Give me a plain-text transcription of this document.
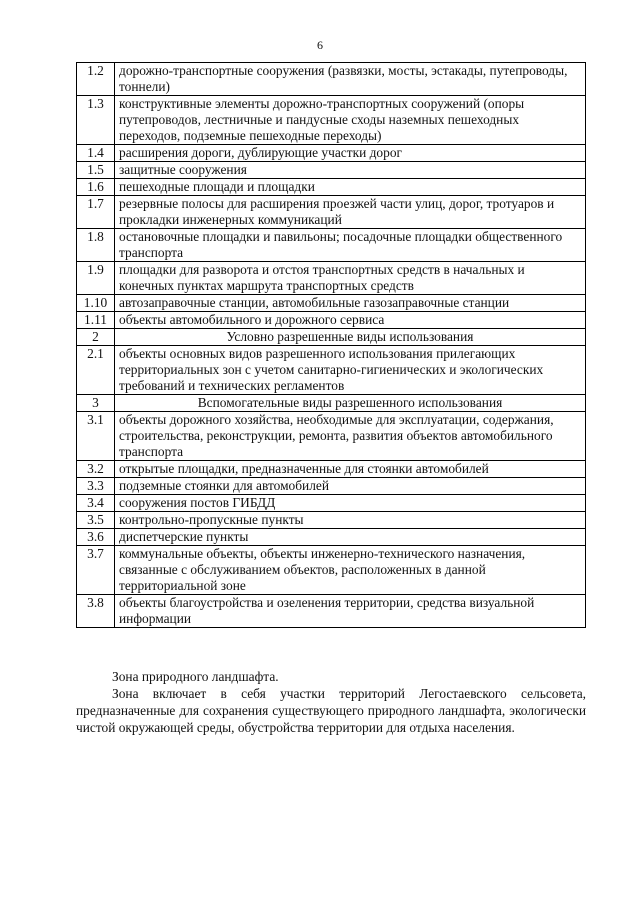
6
1.2	дорожно-транспортные сооружения (развязки, мосты, эстакады, путепроводы, тоннели)
1.3	конструктивные элементы дорожно-транспортных сооружений (опоры путепроводов, лестничные и пандусные сходы наземных пешеходных переходов, подземные пешеходные переходы)
1.4	расширения дороги, дублирующие участки дорог
1.5	защитные сооружения
1.6	пешеходные площади и площадки
1.7	резервные полосы для расширения проезжей части улиц, дорог, тротуаров и прокладки инженерных коммуникаций
1.8	остановочные площадки и павильоны; посадочные площадки общественного транспорта
1.9	площадки для разворота и отстоя транспортных средств в начальных и конечных пунктах маршрута транспортных средств
1.10	автозаправочные станции, автомобильные газозаправочные станции
1.11	объекты автомобильного и дорожного сервиса
2	Условно разрешенные виды использования
2.1	объекты основных видов разрешенного использования прилегающих территориальных зон с учетом санитарно-гигиенических и экологических требований и технических регламентов
3	Вспомогательные виды разрешенного использования
3.1	объекты дорожного хозяйства, необходимые для эксплуатации, содержания, строительства, реконструкции, ремонта, развития объектов автомобильного транспорта
3.2	открытые площадки, предназначенные для стоянки автомобилей
3.3	подземные стоянки для автомобилей
3.4	сооружения постов ГИБДД
3.5	контрольно-пропускные пункты
3.6	диспетчерские пункты
3.7	коммунальные объекты, объекты инженерно-технического назначения, связанные с обслуживанием объектов, расположенных в данной территориальной зоне
3.8	объекты благоустройства и озеленения территории, средства визуальной информации

Зона природного ландшафта.

Зона включает в себя участки территорий Легостаевского сельсовета, предназначенные для сохранения существующего природного ландшафта, экологически чистой окружающей среды, обустройства территории для отдыха населения.
